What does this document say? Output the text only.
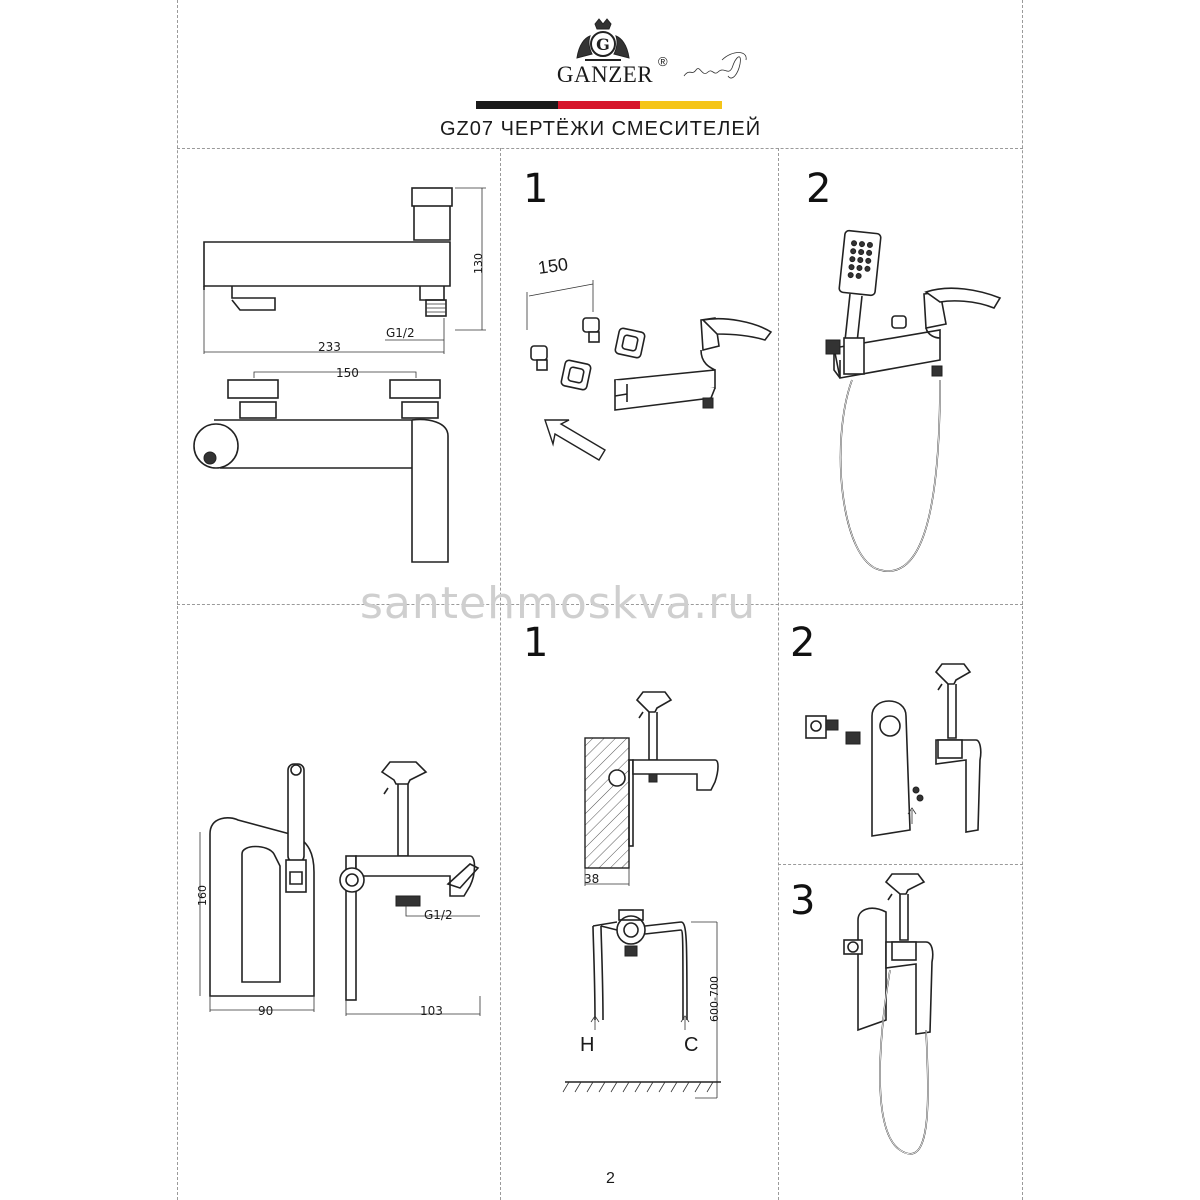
G
GANZER
®
GZ07 ЧЕРТЁЖИ СМЕСИТЕЛЕЙ
130
233
G1/2
150
1
150
2
santehmoskva.ru
160
90	103
G1/2
1
38
600-700
H	C
2
3
2
